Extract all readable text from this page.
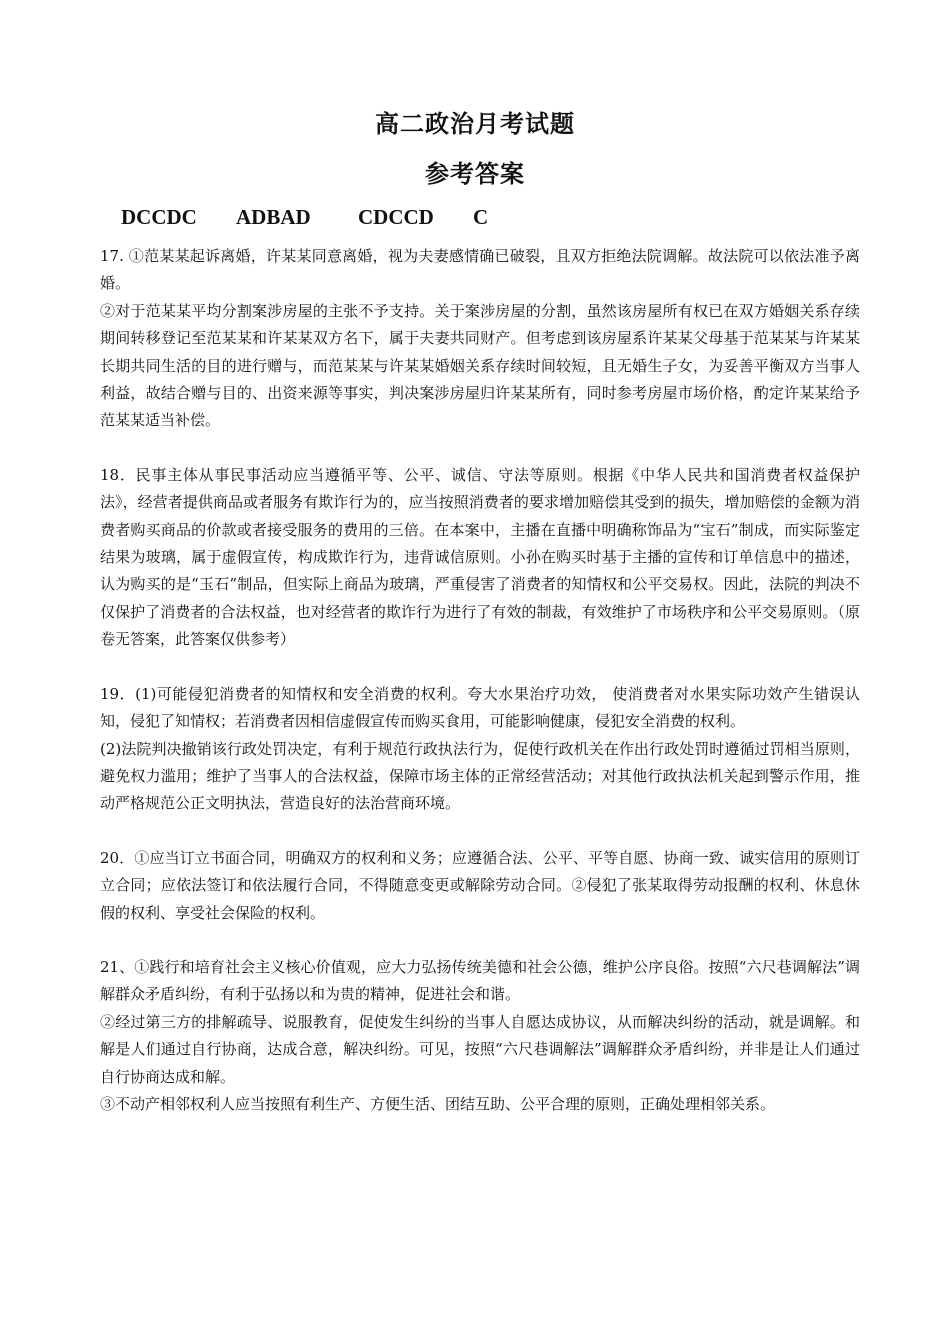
高二政治月考试题
参考答案
DCCDC ADBAD CDCCD C

17. ①范某某起诉离婚，许某某同意离婚，视为夫妻感情确已破裂，且双方拒绝法院调解。故法院可以依法准予离婚。

②对于范某某平均分割案涉房屋的主张不予支持。关于案涉房屋的分割，虽然该房屋所有权已在双方婚姻关系存续期间转移登记至范某某和许某某双方名下，属于夫妻共同财产。但考虑到该房屋系许某某父母基于范某某与许某某长期共同生活的目的进行赠与，而范某某与许某某婚姻关系存续时间较短，且无婚生子女，为妥善平衡双方当事人利益，故结合赠与目的、出资来源等事实，判决案涉房屋归许某某所有，同时参考房屋市场价格，酌定许某某给予范某某适当补偿。

18．民事主体从事民事活动应当遵循平等、公平、诚信、守法等原则。根据《中华人民共和国消费者权益保护法》，经营者提供商品或者服务有欺诈行为的，应当按照消费者的要求增加赔偿其受到的损失，增加赔偿的金额为消费者购买商品的价款或者接受服务的费用的三倍。在本案中，主播在直播中明确称饰品为“宝石”制成，而实际鉴定结果为玻璃，属于虚假宣传，构成欺诈行为，违背诚信原则。小孙在购买时基于主播的宣传和订单信息中的描述，认为购买的是“玉石”制品，但实际上商品为玻璃，严重侵害了消费者的知情权和公平交易权。因此，法院的判决不仅保护了消费者的合法权益，也对经营者的欺诈行为进行了有效的制裁，有效维护了市场秩序和公平交易原则。（原卷无答案，此答案仅供参考）

19．(1)可能侵犯消费者的知情权和安全消费的权利。夸大水果治疗功效， 使消费者对水果实际功效产生错误认知，侵犯了知情权；若消费者因相信虚假宣传而购买食用，可能影响健康，侵犯安全消费的权利。

(2)法院判决撤销该行政处罚决定，有利于规范行政执法行为，促使行政机关在作出行政处罚时遵循过罚相当原则，避免权力滥用；维护了当事人的合法权益，保障市场主体的正常经营活动；对其他行政执法机关起到警示作用，推动严格规范公正文明执法，营造良好的法治营商环境。

20．①应当订立书面合同，明确双方的权利和义务；应遵循合法、公平、平等自愿、协商一致、诚实信用的原则订立合同；应依法签订和依法履行合同，不得随意变更或解除劳动合同。②侵犯了张某取得劳动报酬的权利、休息休假的权利、享受社会保险的权利。

21、①践行和培育社会主义核心价值观，应大力弘扬传统美德和社会公德，维护公序良俗。按照“六尺巷调解法”调解群众矛盾纠纷，有利于弘扬以和为贵的精神，促进社会和谐。

②经过第三方的排解疏导、说服教育，促使发生纠纷的当事人自愿达成协议，从而解决纠纷的活动，就是调解。和解是人们通过自行协商，达成合意，解决纠纷。可见，按照“六尺巷调解法”调解群众矛盾纠纷，并非是让人们通过自行协商达成和解。

③不动产相邻权利人应当按照有利生产、方便生活、团结互助、公平合理的原则，正确处理相邻关系。
